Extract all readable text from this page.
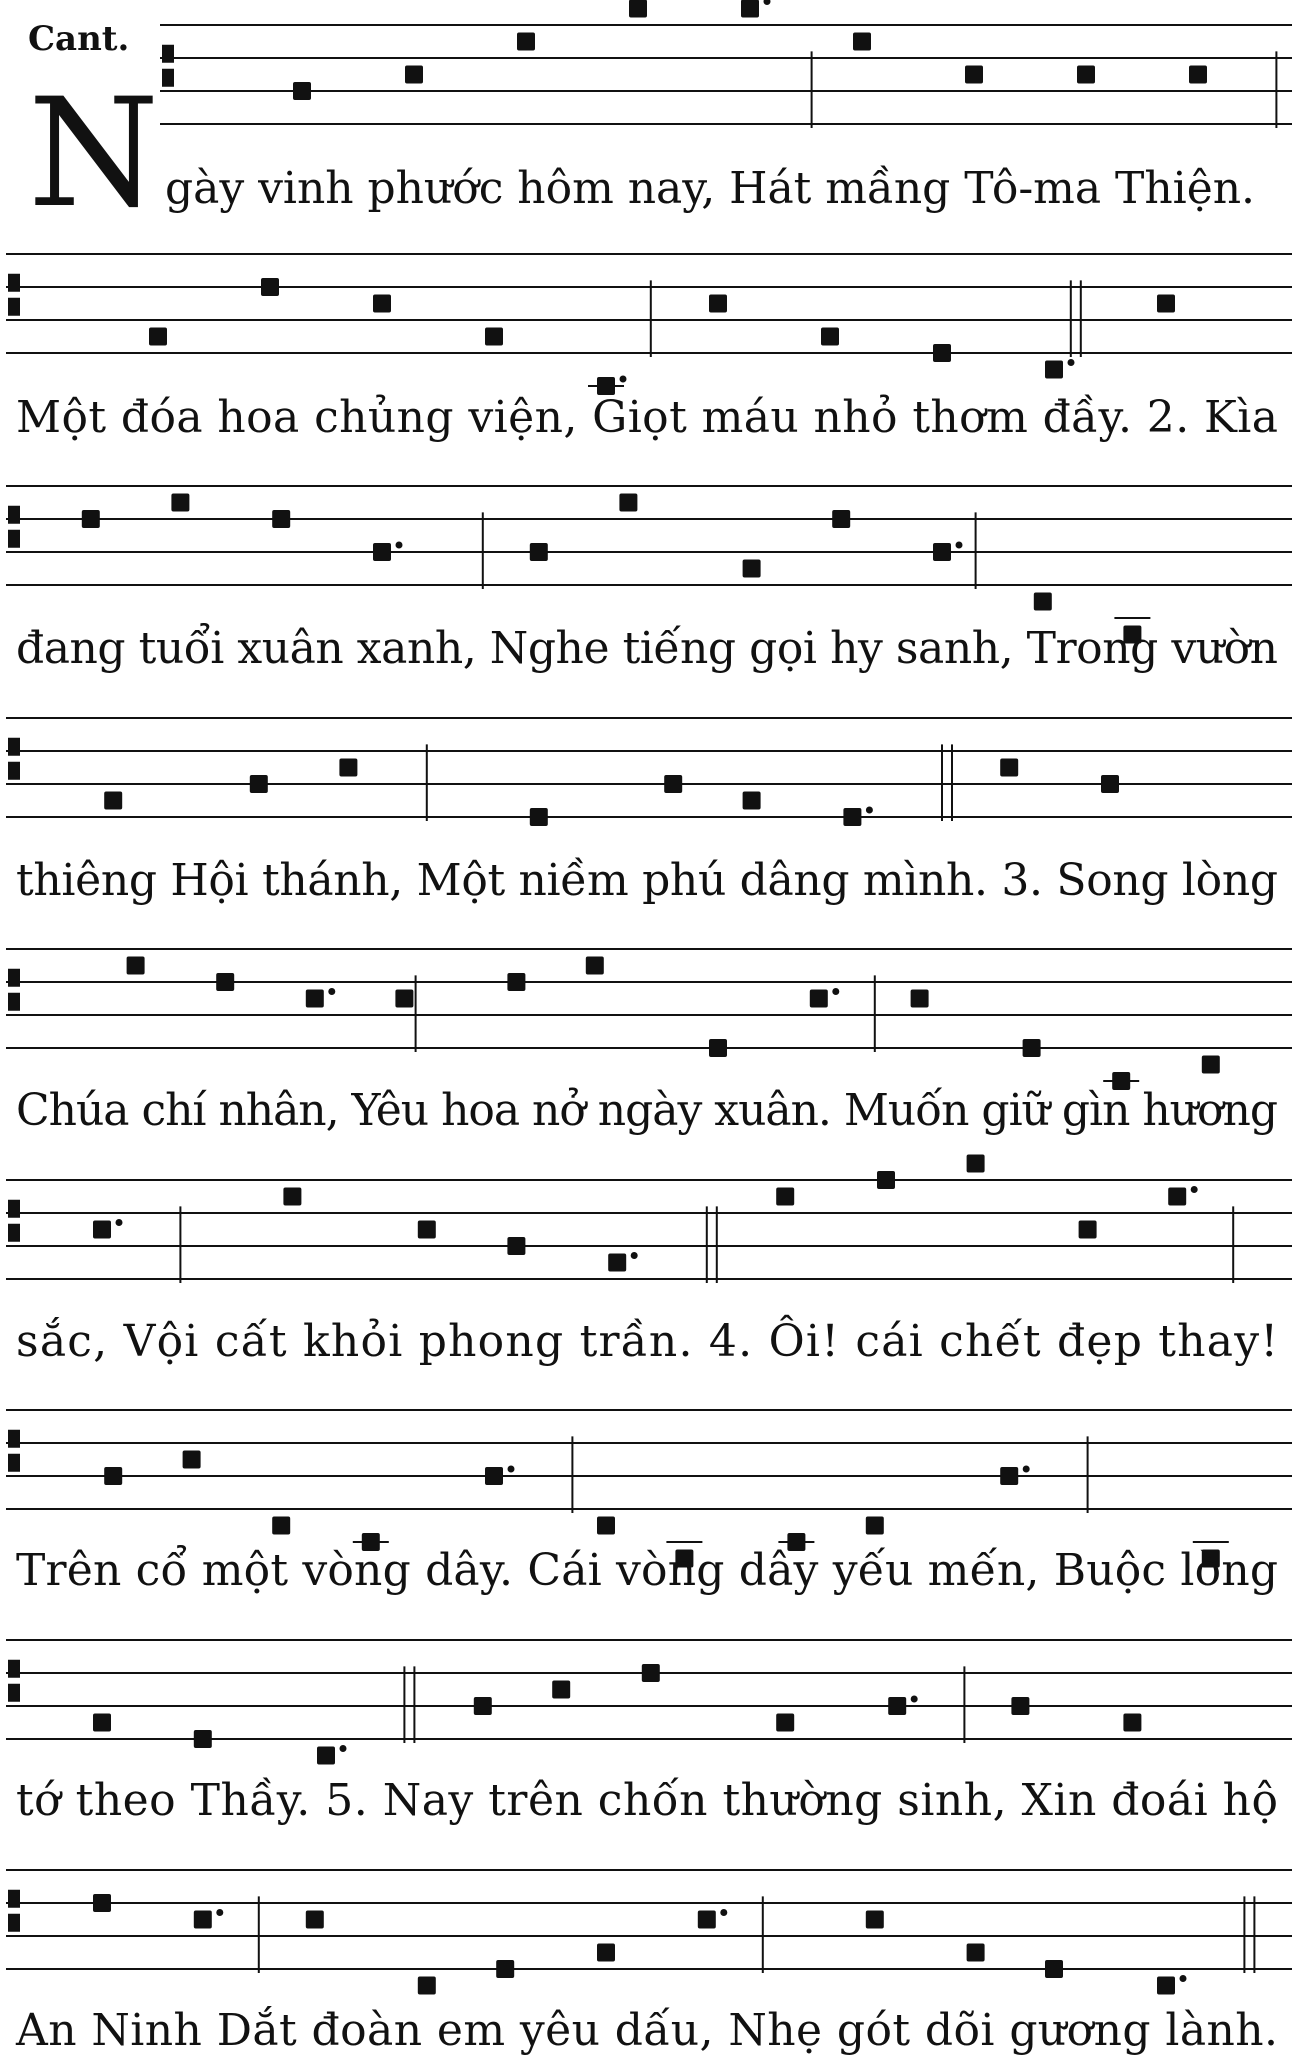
Cant.
N gày vinh phước hôm nay, Hát mầng Tô-ma Thiện.
Một đóa hoa chủng viện, Giọt máu nhỏ thơm đầy. 2. Kìa
đang tuổi xuân xanh, Nghe tiếng gọi hy sanh, Trong vườn
thiêng Hội thánh, Một niềm phú dâng mình. 3. Song lòng
Chúa chí nhân, Yêu hoa nở ngày xuân. Muốn giữ gìn hương
sắc, Vội cất khỏi phong trần. 4. Ôi! cái chết đẹp thay!
Trên cổ một vòng dây. Cái vòng dây yếu mến, Buộc lòng
tớ theo Thầy. 5. Nay trên chốn thường sinh, Xin đoái hộ
An Ninh Dắt đoàn em yêu dấu, Nhẹ gót dõi gương lành.
